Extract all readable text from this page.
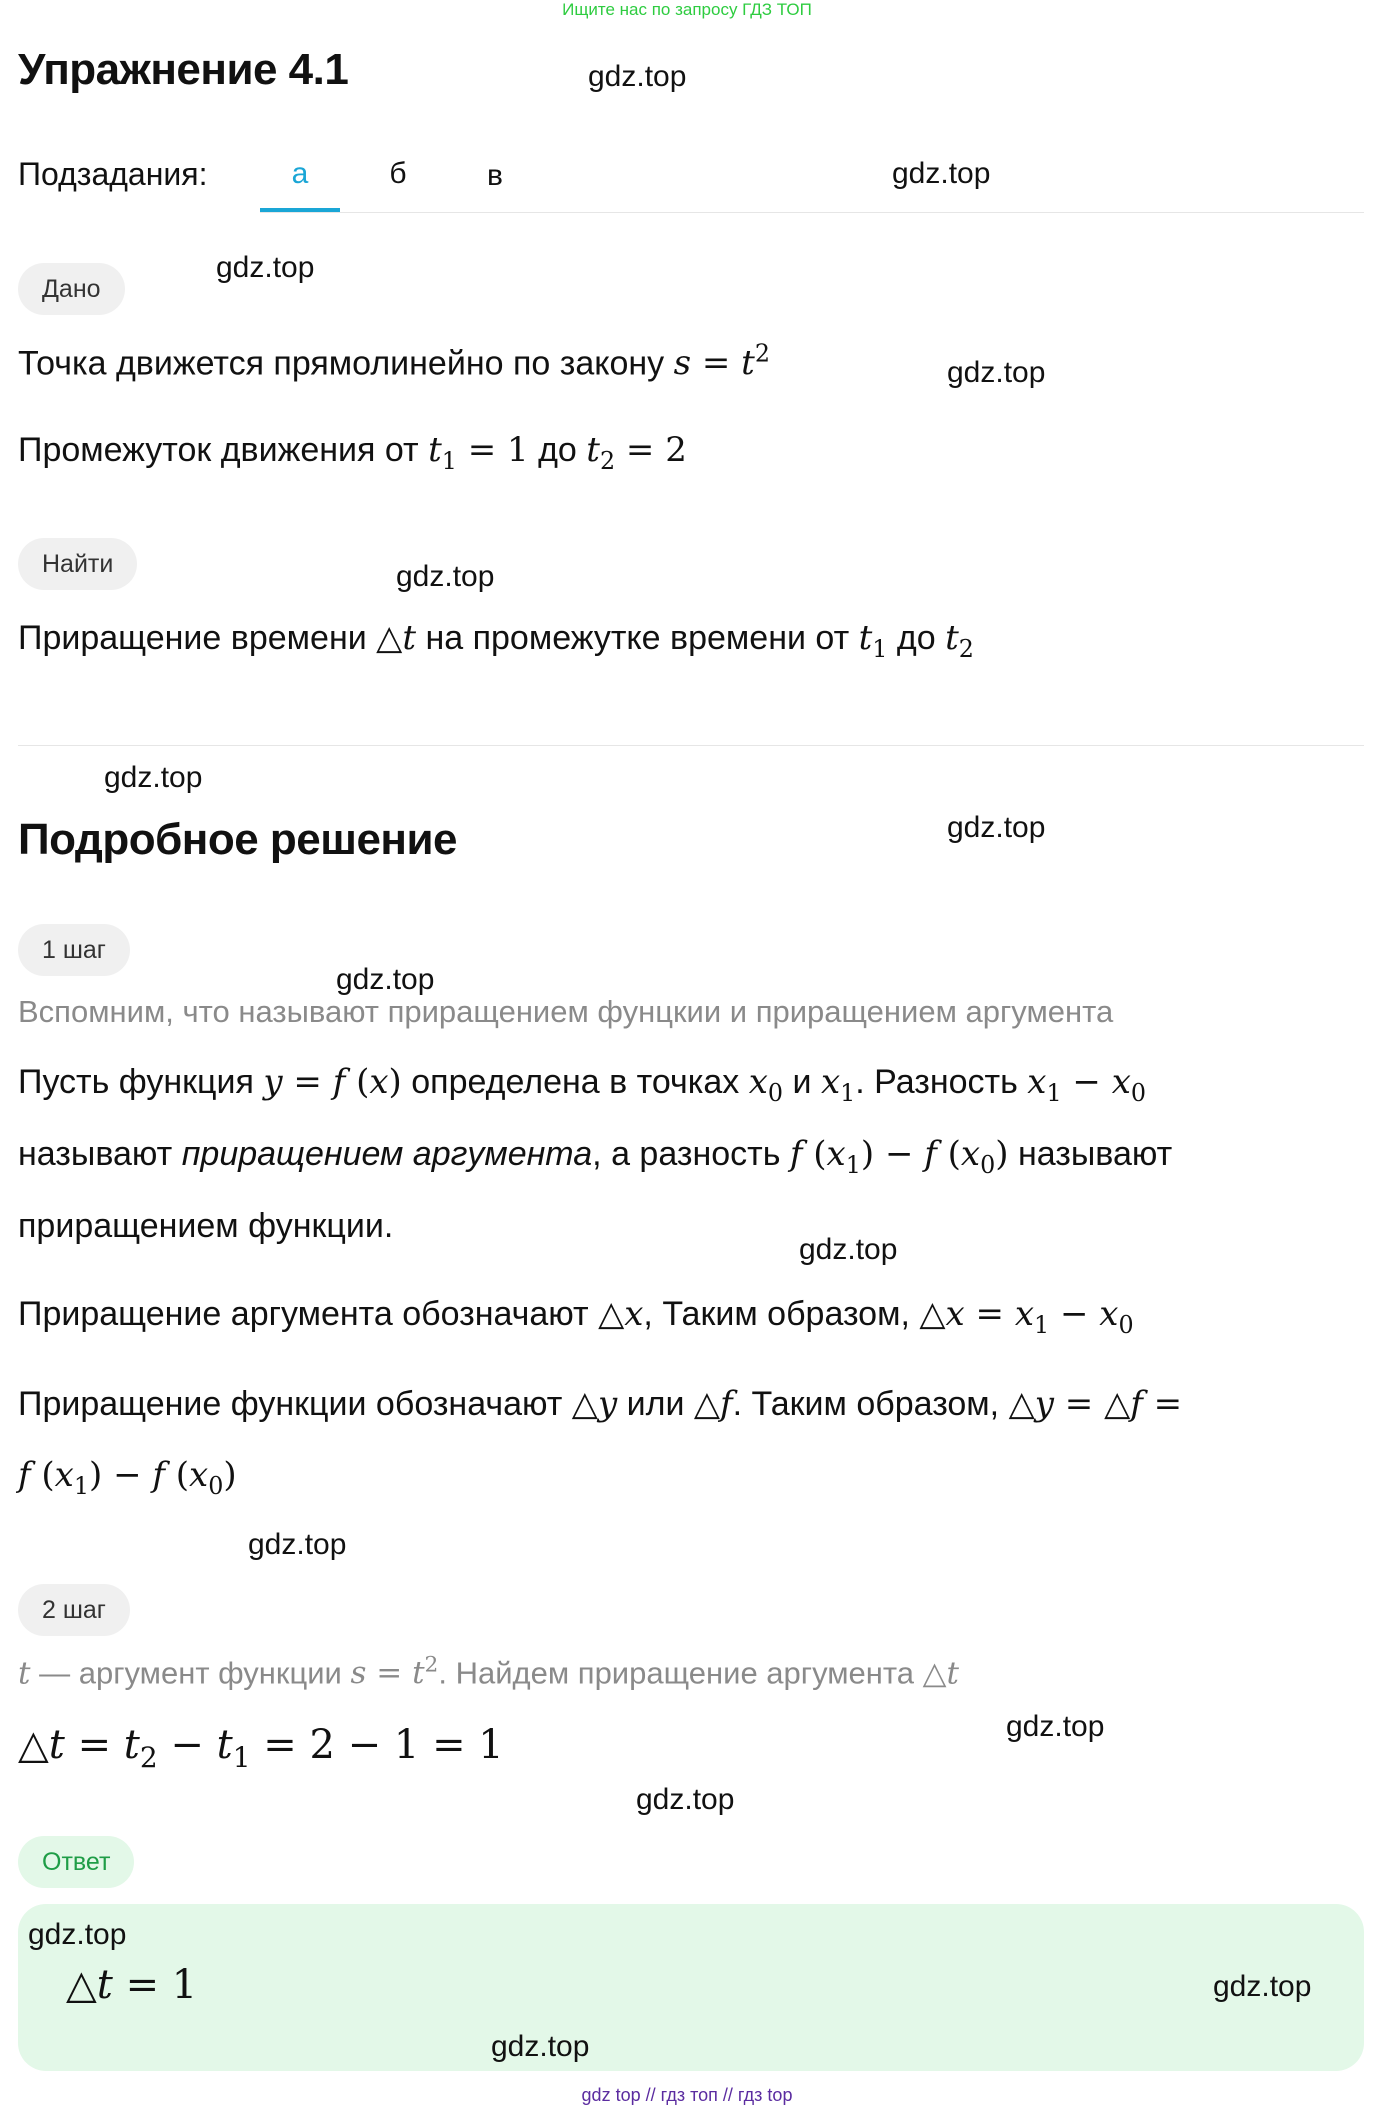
Ищите нас по запросу ГДЗ ТОП
Упражнение 4.1
Подзадания:	а	б	в
Дано
Точка движется прямолинейно по закону $s = t^2$
Промежуток движения от $t_1 = 1$ до $t_2 = 2$
Найти
Приращение времени △t на промежутке времени от $t_1$ до $t_2$
Подробное решение
1 шаг
Вспомним, что называют приращением фунцкии и приращением аргумента
Пусть функция y = f (x) определена в точках $x_0$ и $x_1$. Разность $x_1 - x_0$
называют приращением аргумента, а разность f $(x_1) - f$ $(x_0)$ называют
приращением функции.
Приращение аргумента обозначают △x, Таким образом, △x = $x_1 - x_0$
Приращение функции обозначают △y или △f. Таким образом, △y = △f =
f $(x_1) - f$ $(x_0)$
2 шаг
t — аргумент функции $s = t^2$. Найдем приращение аргумента △t
△t = $t_2 - t_1 = 2 - 1 = 1$
Ответ
△t = 1
gdz.top
gdz.top
gdz.top
gdz.top
gdz.top
gdz.top
gdz.top
gdz.top
gdz.top
gdz.top
gdz.top
gdz.top
gdz.top
gdz.top
gdz.top
gdz top // гдз топ // гдз top
